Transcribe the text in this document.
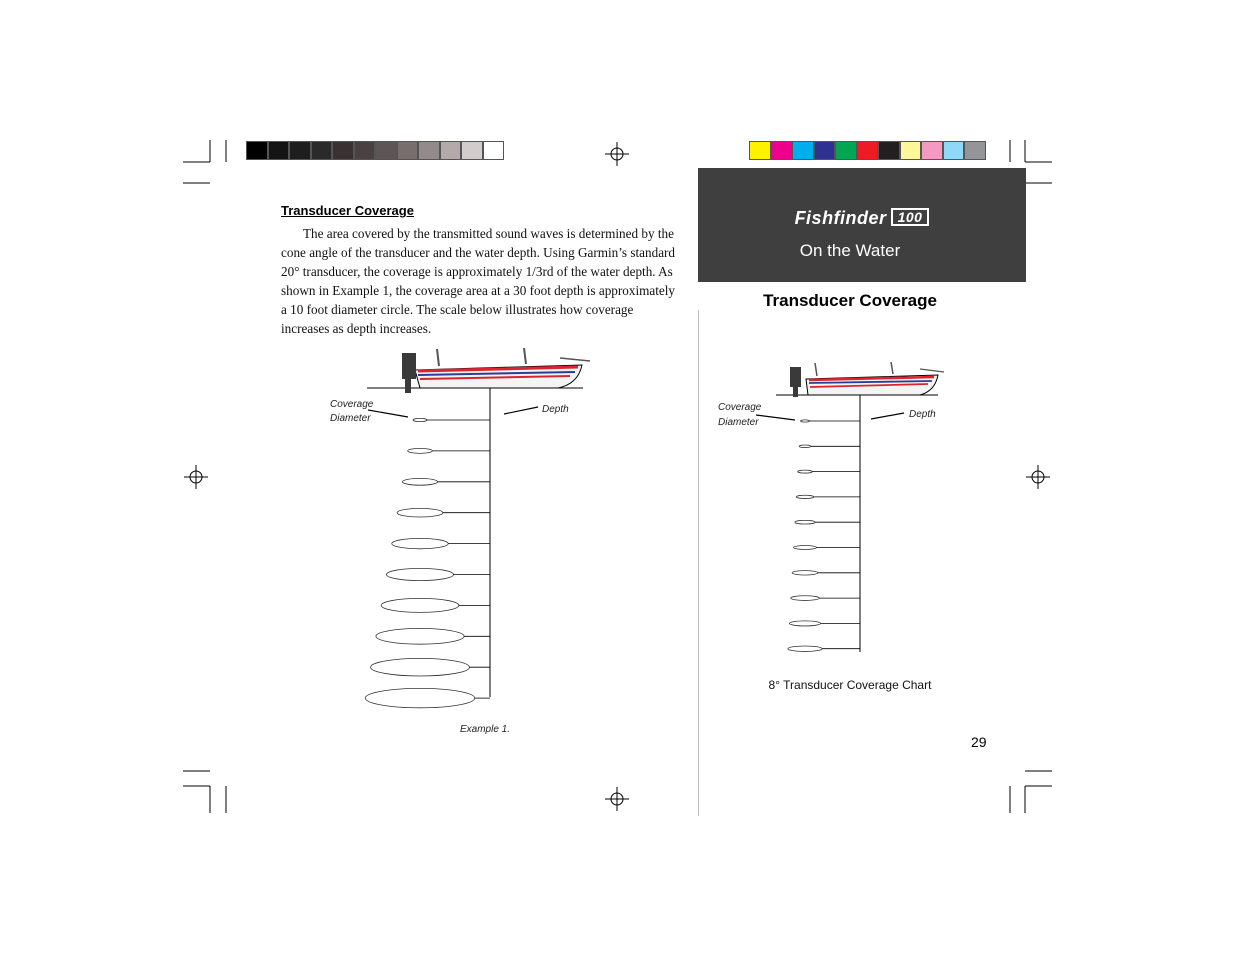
Transducer Coverage

The area covered by the transmitted sound waves is determined by the cone angle of the transducer and the water depth. Using Garmin’s standard 20° transducer, the coverage is approximately 1/3rd of the water depth. As shown in Example 1, the coverage area at a 30 foot depth is approximately a 10 foot diameter circle. The scale below illustrates how coverage increases as depth increases.

Coverage
Diameter
Depth
Example 1.
Fishfinder 100
On the Water
Transducer Coverage
Coverage
Diameter
Depth
8° Transducer Coverage Chart
29
